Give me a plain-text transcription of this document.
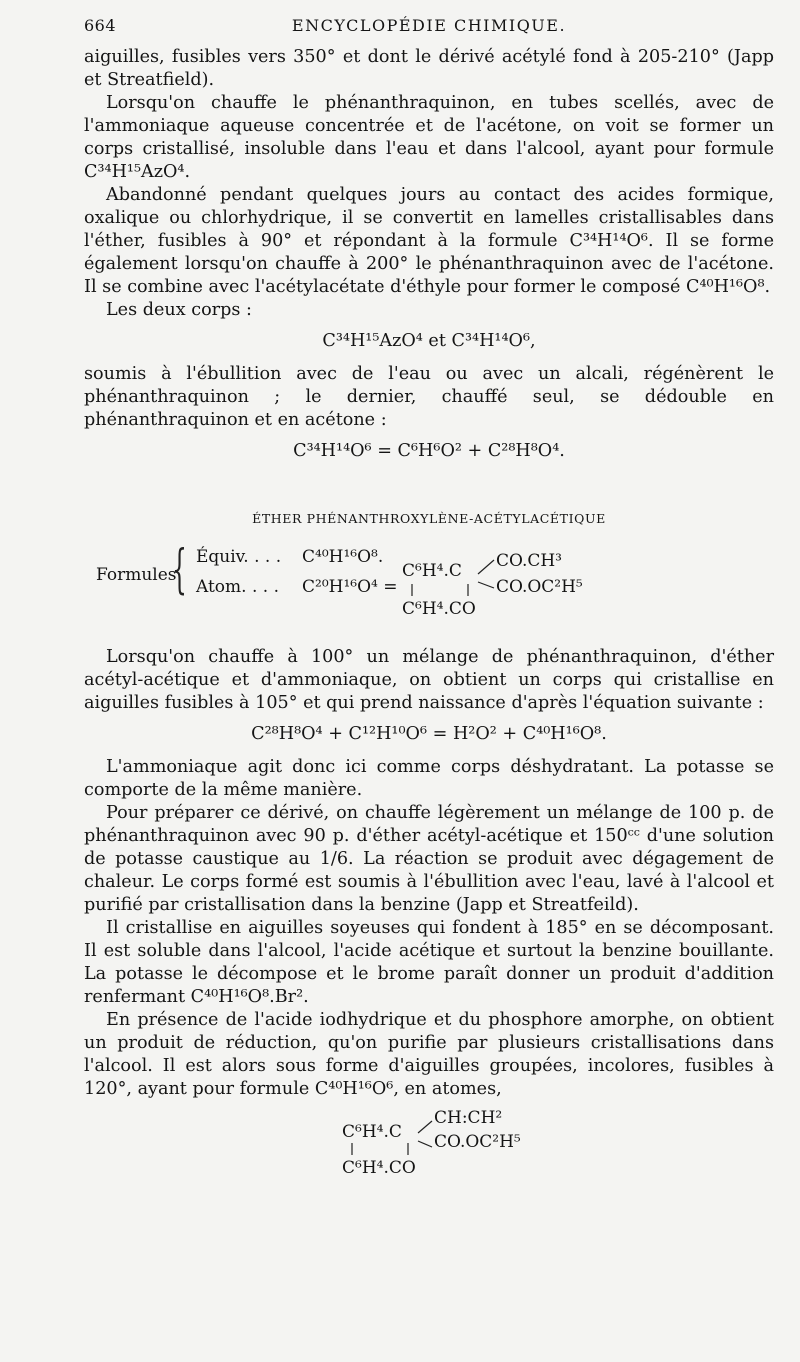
664	ENCYCLOPÉDIE CHIMIQUE.

aiguilles, fusibles vers 350° et dont le dérivé acétylé fond à 205-210° (Japp et Streatfield).

Lorsqu'on chauffe le phénanthraquinon, en tubes scellés, avec de l'ammoniaque aqueuse concentrée et de l'acétone, on voit se former un corps cristallisé, insoluble dans l'eau et dans l'alcool, ayant pour formule C³⁴H¹⁵AzO⁴.

Abandonné pendant quelques jours au contact des acides formique, oxalique ou chlorhydrique, il se convertit en lamelles cristallisables dans l'éther, fusibles à 90° et répondant à la formule C³⁴H¹⁴O⁶. Il se forme également lorsqu'on chauffe à 200° le phénanthraquinon avec de l'acétone. Il se combine avec l'acétylacétate d'éthyle pour former le composé C⁴⁰H¹⁶O⁸.

Les deux corps :

C³⁴H¹⁵AzO⁴ et C³⁴H¹⁴O⁶,

soumis à l'ébullition avec de l'eau ou avec un alcali, régénèrent le phénanthraquinon ; le dernier, chauffé seul, se dédouble en phénanthraquinon et en acétone :

C³⁴H¹⁴O⁶ = C⁶H⁶O² + C²⁸H⁸O⁴.
ÉTHER PHÉNANTHROXYLÈNE-ACÉTYLACÉTIQUE
Formules
{ Équiv. . . . C⁴⁰H¹⁶O⁸.
Atom. . . . C²⁰H¹⁶O⁴ =
C⁶H⁴.C CO.CH³
CO.OC²H⁵
C⁶H⁴.CO

Lorsqu'on chauffe à 100° un mélange de phénanthraquinon, d'éther acétyl-acétique et d'ammoniaque, on obtient un corps qui cristallise en aiguilles fusibles à 105° et qui prend naissance d'après l'équation suivante :

C²⁸H⁸O⁴ + C¹²H¹⁰O⁶ = H²O² + C⁴⁰H¹⁶O⁸.

L'ammoniaque agit donc ici comme corps déshydratant. La potasse se comporte de la même manière.

Pour préparer ce dérivé, on chauffe légèrement un mélange de 100 p. de phénanthraquinon avec 90 p. d'éther acétyl-acétique et 150ᶜᶜ d'une solution de potasse caustique au 1/6. La réaction se produit avec dégagement de chaleur. Le corps formé est soumis à l'ébullition avec l'eau, lavé à l'alcool et purifié par cristallisation dans la benzine (Japp et Streatfeild).

Il cristallise en aiguilles soyeuses qui fondent à 185° en se décomposant. Il est soluble dans l'alcool, l'acide acétique et surtout la benzine bouillante. La potasse le décompose et le brome paraît donner un produit d'addition renfermant C⁴⁰H¹⁶O⁸.Br².

En présence de l'acide iodhydrique et du phosphore amorphe, on obtient un produit de réduction, qu'on purifie par plusieurs cristallisations dans l'alcool. Il est alors sous forme d'aiguilles groupées, incolores, fusibles à 120°, ayant pour formule C⁴⁰H¹⁶O⁶, en atomes,

C⁶H⁴.C
CH:CH²
CO.OC²H⁵
C⁶H⁴.CO
